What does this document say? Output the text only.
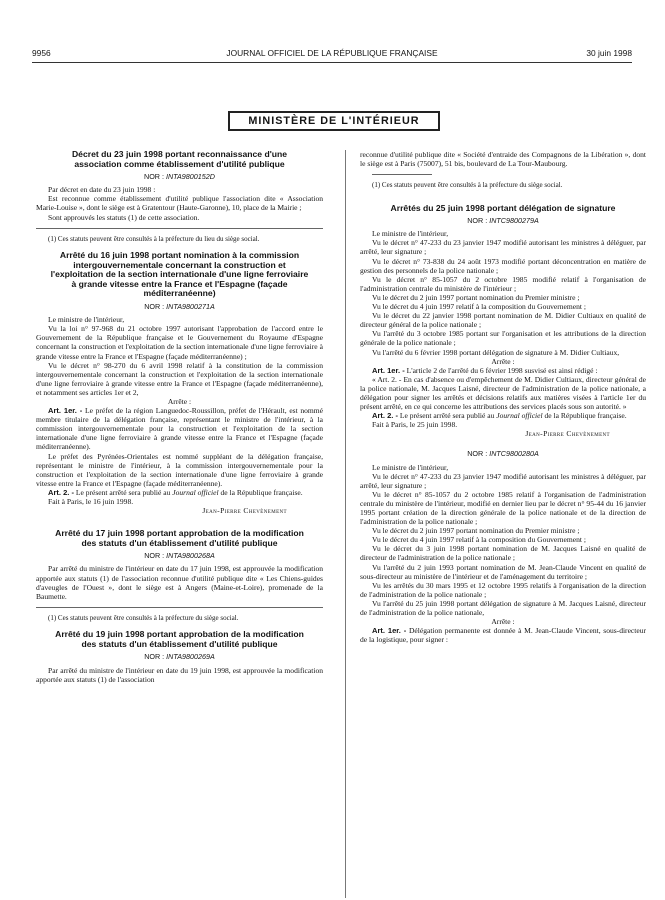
9956	JOURNAL OFFICIEL DE LA RÉPUBLIQUE FRANÇAISE	30 juin 1998
MINISTÈRE DE L'INTÉRIEUR
Décret du 23 juin 1998 portant reconnaissance d'une association comme établissement d'utilité publique
NOR : INTA9800152D

Par décret en date du 23 juin 1998 :

Est reconnue comme établissement d'utilité publique l'association dite « Association Marie-Louise », dont le siège est à Gratentour (Haute-Garonne), 10, place de la Mairie ;

Sont approuvés les statuts (1) de cette association.

(1) Ces statuts peuvent être consultés à la préfecture du lieu du siège social.

Arrêté du 16 juin 1998 portant nomination à la commission intergouvernementale concernant la construction et l'exploitation de la section internationale d'une ligne ferroviaire à grande vitesse entre la France et l'Espagne (façade méditerranéenne)
NOR : INTA9800271A

Le ministre de l'intérieur,

Vu la loi n° 97-968 du 21 octobre 1997 autorisant l'approbation de l'accord entre le Gouvernement de la République française et le Gouvernement du Royaume d'Espagne concernant la construction et l'exploitation de la section internationale d'une ligne ferroviaire à grande vitesse entre la France et l'Espagne (façade méditerranéenne) ;

Vu le décret n° 98-270 du 6 avril 1998 relatif à la constitution de la commission intergouvernementale concernant la construction et l'exploitation de la section internationale d'une ligne ferroviaire à grande vitesse entre la France et l'Espagne (façade méditerranéenne), et notamment ses articles 1er et 2,

Arrête :

Art. 1er. - Le préfet de la région Languedoc-Roussillon, préfet de l'Hérault, est nommé membre titulaire de la délégation française, représentant le ministre de l'intérieur, à la commission intergouvernementale pour la construction et l'exploitation de la section internationale d'une ligne ferroviaire à grande vitesse entre la France et l'Espagne (façade méditerranéenne).

Le préfet des Pyrénées-Orientales est nommé suppléant de la délégation française, représentant le ministre de l'intérieur, à la commission intergouvernementale pour la construction et l'exploitation de la section internationale d'une ligne ferroviaire à grande vitesse entre la France et l'Espagne (façade méditerranéenne).

Art. 2. - Le présent arrêté sera publié au Journal officiel de la République française.

Fait à Paris, le 16 juin 1998.

Jean-Pierre Chevènement

Arrêté du 17 juin 1998 portant approbation de la modification des statuts d'un établissement d'utilité publique
NOR : INTA9800268A

Par arrêté du ministre de l'intérieur en date du 17 juin 1998, est approuvée la modification apportée aux statuts (1) de l'association reconnue d'utilité publique dite « Les Chiens-guides d'aveugles de l'Ouest », dont le siège est à Angers (Maine-et-Loire), promenade de la Baumette.

(1) Ces statuts peuvent être consultés à la préfecture du siège social.

Arrêté du 19 juin 1998 portant approbation de la modification des statuts d'un établissement d'utilité publique
NOR : INTA9800269A

Par arrêté du ministre de l'intérieur en date du 19 juin 1998, est approuvée la modification apportée aux statuts (1) de l'association

reconnue d'utilité publique dite « Société d'entraide des Compagnons de la Libération », dont le siège est à Paris (75007), 51 bis, boulevard de La Tour-Maubourg.

(1) Ces statuts peuvent être consultés à la préfecture du siège social.

Arrêtés du 25 juin 1998 portant délégation de signature
NOR : INTC9800279A

Le ministre de l'intérieur,

Vu le décret n° 47-233 du 23 janvier 1947 modifié autorisant les ministres à déléguer, par arrêté, leur signature ;

Vu le décret n° 73-838 du 24 août 1973 modifié portant déconcentration en matière de gestion des personnels de la police nationale ;

Vu le décret n° 85-1057 du 2 octobre 1985 modifié relatif à l'organisation de l'administration centrale du ministère de l'intérieur ;

Vu le décret du 2 juin 1997 portant nomination du Premier ministre ;

Vu le décret du 4 juin 1997 relatif à la composition du Gouvernement ;

Vu le décret du 22 janvier 1998 portant nomination de M. Didier Cultiaux en qualité de directeur général de la police nationale ;

Vu l'arrêté du 3 octobre 1985 portant sur l'organisation et les attributions de la direction générale de la police nationale ;

Vu l'arrêté du 6 février 1998 portant délégation de signature à M. Didier Cultiaux,

Arrête :

Art. 1er. - L'article 2 de l'arrêté du 6 février 1998 susvisé est ainsi rédigé :

« Art. 2. - En cas d'absence ou d'empêchement de M. Didier Cultiaux, directeur général de la police nationale, M. Jacques Laisné, directeur de l'administration de la police nationale, a délégation pour signer les arrêtés et décisions relatifs aux matières visées à l'article 1er du présent arrêté, en ce qui concerne les attributions des services placés sous son autorité. »

Art. 2. - Le présent arrêté sera publié au Journal officiel de la République française.

Fait à Paris, le 25 juin 1998.

Jean-Pierre Chevènement

NOR : INTC9800280A

Le ministre de l'intérieur,

Vu le décret n° 47-233 du 23 janvier 1947 modifié autorisant les ministres à déléguer, par arrêté, leur signature ;

Vu le décret n° 85-1057 du 2 octobre 1985 relatif à l'organisation de l'administration centrale du ministère de l'intérieur, modifié en dernier lieu par le décret n° 95-44 du 16 janvier 1995 portant création de la direction générale de la police nationale et de la direction de l'administration de la police nationale ;

Vu le décret du 2 juin 1997 portant nomination du Premier ministre ;

Vu le décret du 4 juin 1997 relatif à la composition du Gouvernement ;

Vu le décret du 3 juin 1998 portant nomination de M. Jacques Laisné en qualité de directeur de l'administration de la police nationale ;

Vu l'arrêté du 2 juin 1993 portant nomination de M. Jean-Claude Vincent en qualité de sous-directeur au ministère de l'intérieur et de l'aménagement du territoire ;

Vu les arrêtés du 30 mars 1995 et 12 octobre 1995 relatifs à l'organisation de la direction de l'administration de la police nationale ;

Vu l'arrêté du 25 juin 1998 portant délégation de signature à M. Jacques Laisné, directeur de l'administration de la police nationale,

Arrête :

Art. 1er. - Délégation permanente est donnée à M. Jean-Claude Vincent, sous-directeur de la logistique, pour signer :
